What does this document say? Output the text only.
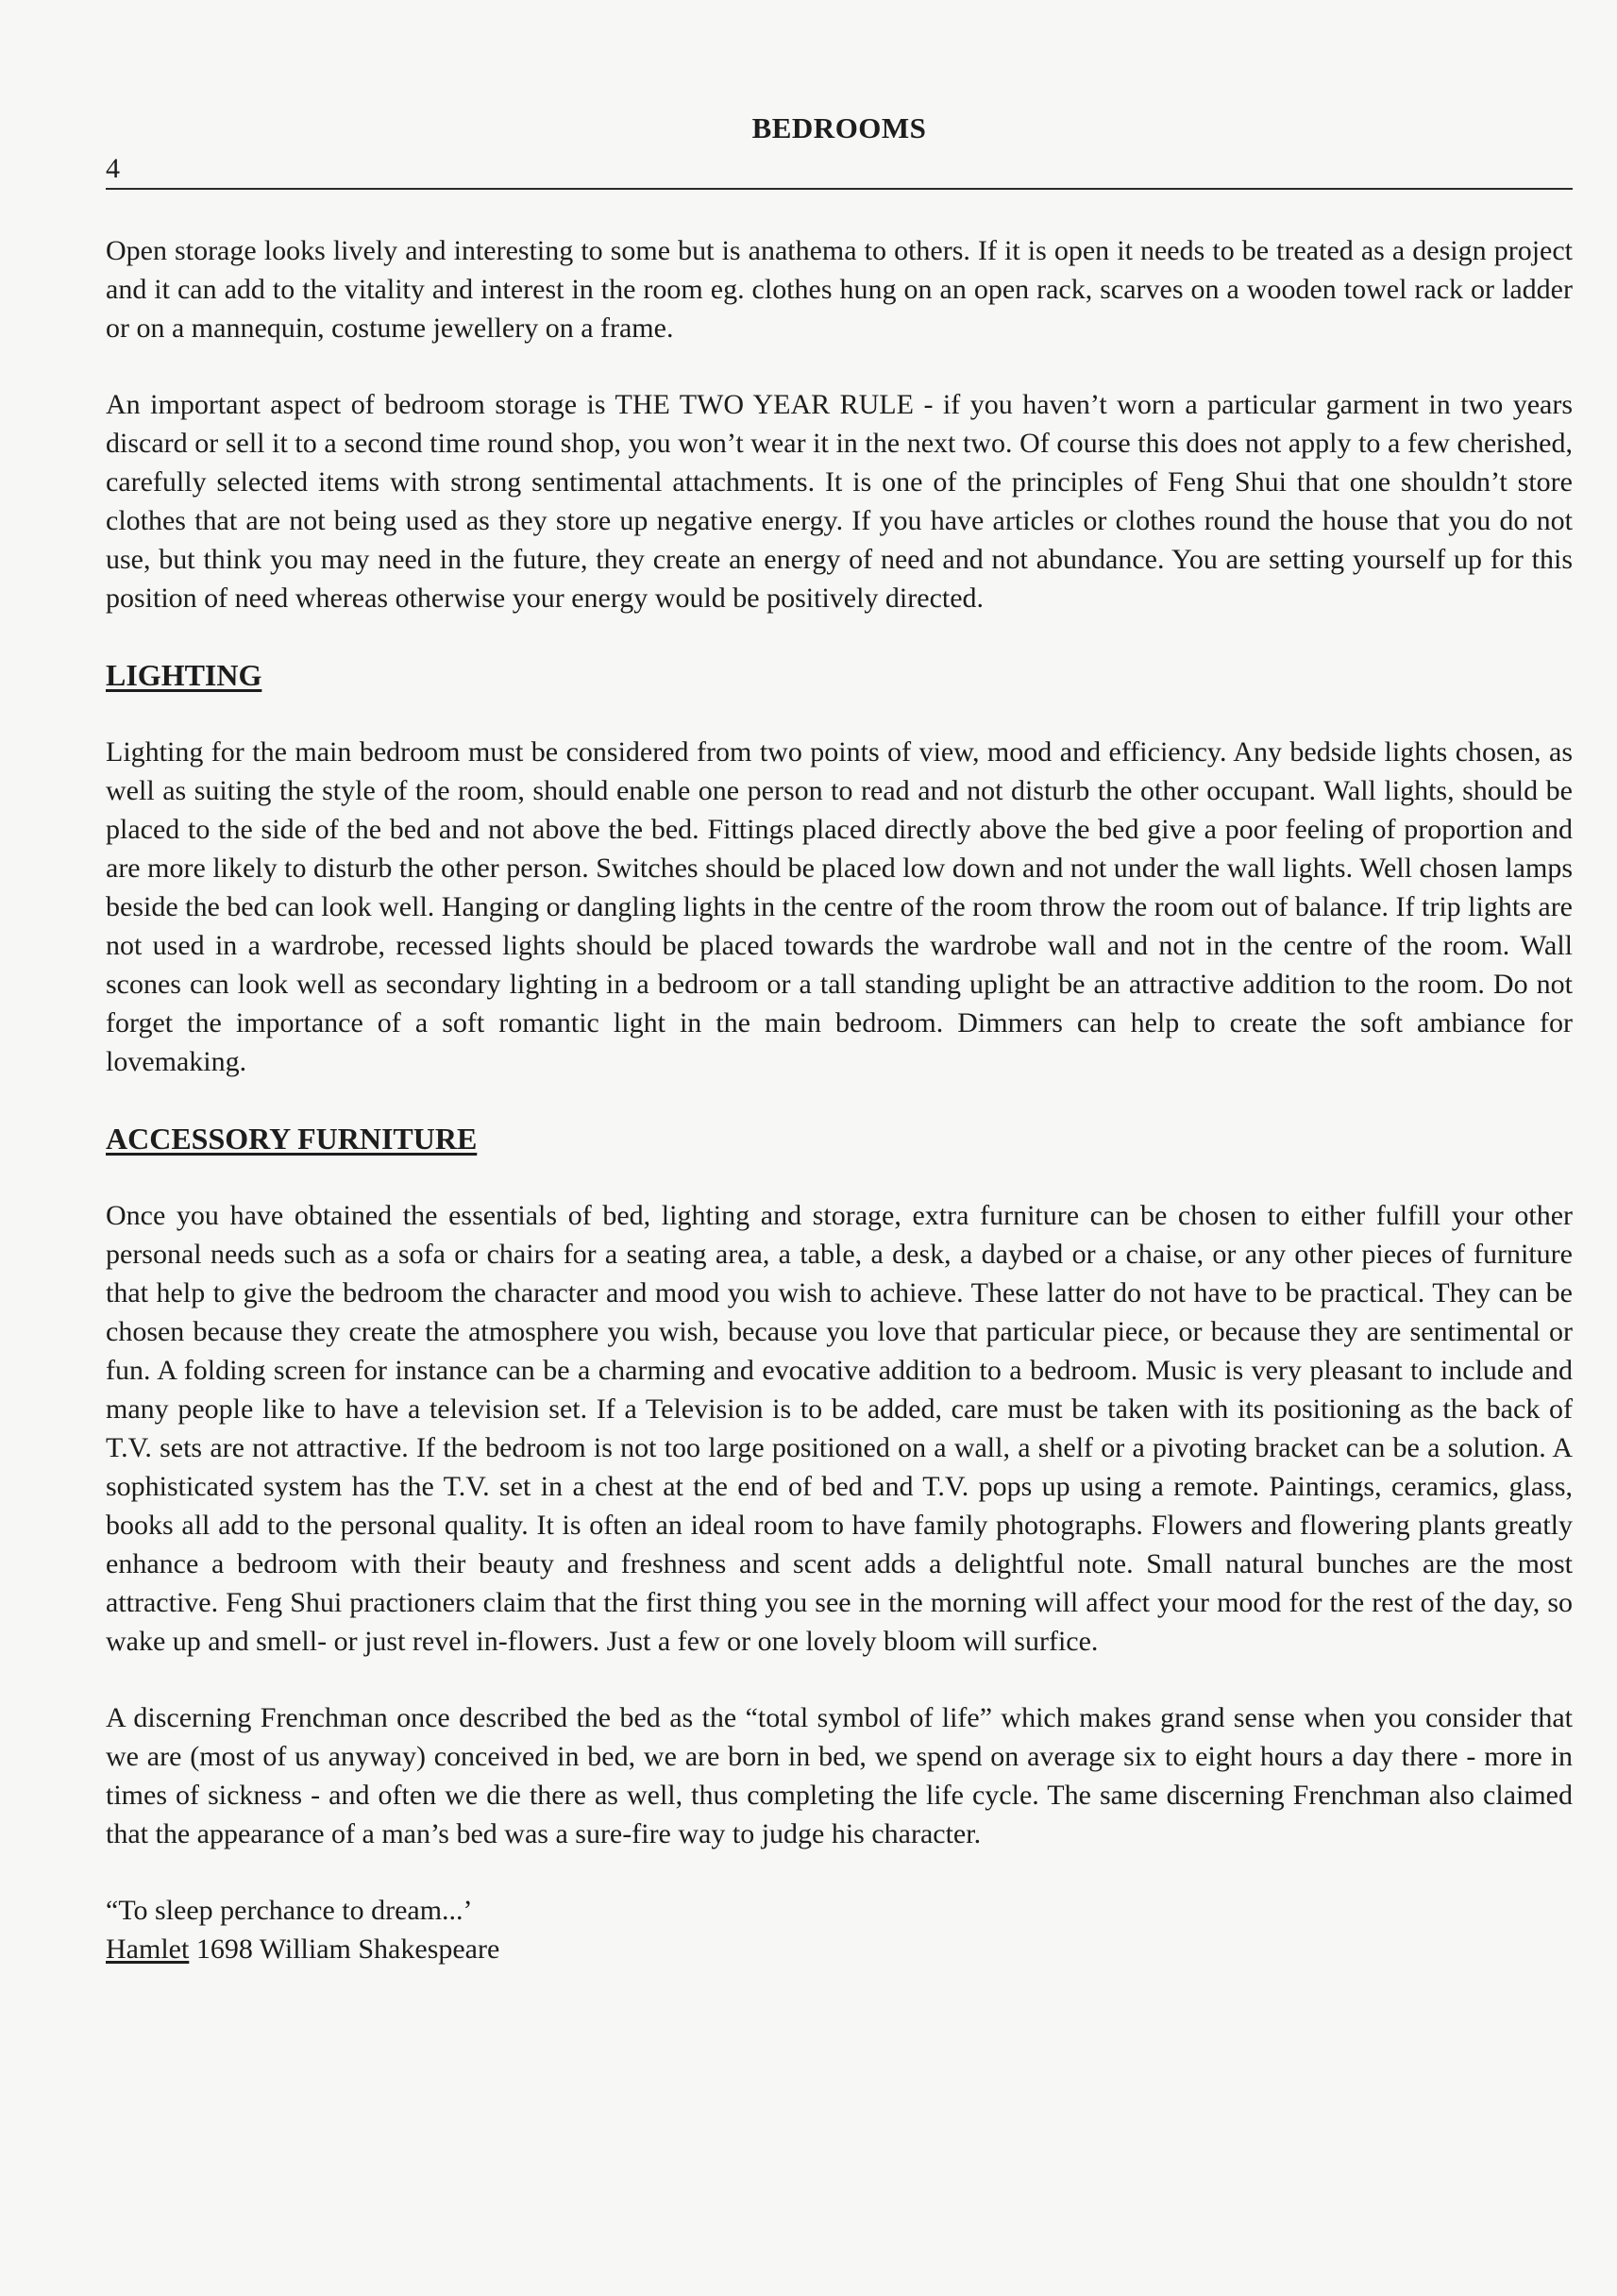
BEDROOMS
4

Open storage looks lively and interesting to some but is anathema to others. If it is open it needs to be treated as a design project and it can add to the vitality and interest in the room eg. clothes hung on an open rack, scarves on a wooden towel rack or ladder or on a mannequin, costume jewellery on a frame.

An important aspect of bedroom storage is THE TWO YEAR RULE - if you haven’t worn a particular garment in two years discard or sell it to a second time round shop, you won’t wear it in the next two. Of course this does not apply to a few cherished, carefully selected items with strong sentimental attachments. It is one of the principles of Feng Shui that one shouldn’t store clothes that are not being used as they store up negative energy. If you have articles or clothes round the house that you do not use, but think you may need in the future, they create an energy of need and not abundance. You are setting yourself up for this position of need whereas otherwise your energy would be positively directed.

LIGHTING

Lighting for the main bedroom must be considered from two points of view, mood and efficiency. Any bedside lights chosen, as well as suiting the style of the room, should enable one person to read and not disturb the other occupant. Wall lights, should be placed to the side of the bed and not above the bed. Fittings placed directly above the bed give a poor feeling of proportion and are more likely to disturb the other person. Switches should be placed low down and not under the wall lights. Well chosen lamps beside the bed can look well. Hanging or dangling lights in the centre of the room throw the room out of balance. If trip lights are not used in a wardrobe, recessed lights should be placed towards the wardrobe wall and not in the centre of the room. Wall scones can look well as secondary lighting in a bedroom or a tall standing uplight be an attractive addition to the room. Do not forget the importance of a soft romantic light in the main bedroom. Dimmers can help to create the soft ambiance for lovemaking.

ACCESSORY FURNITURE

Once you have obtained the essentials of bed, lighting and storage, extra furniture can be chosen to either fulfill your other personal needs such as a sofa or chairs for a seating area, a table, a desk, a daybed or a chaise, or any other pieces of furniture that help to give the bedroom the character and mood you wish to achieve. These latter do not have to be practical. They can be chosen because they create the atmosphere you wish, because you love that particular piece, or because they are sentimental or fun. A folding screen for instance can be a charming and evocative addition to a bedroom. Music is very pleasant to include and many people like to have a television set. If a Television is to be added, care must be taken with its positioning as the back of T.V. sets are not attractive. If the bedroom is not too large positioned on a wall, a shelf or a pivoting bracket can be a solution. A sophisticated system has the T.V. set in a chest at the end of bed and T.V. pops up using a remote. Paintings, ceramics, glass, books all add to the personal quality. It is often an ideal room to have family photographs. Flowers and flowering plants greatly enhance a bedroom with their beauty and freshness and scent adds a delightful note. Small natural bunches are the most attractive. Feng Shui practioners claim that the first thing you see in the morning will affect your mood for the rest of the day, so wake up and smell- or just revel in-flowers. Just a few or one lovely bloom will surfice.

A discerning Frenchman once described the bed as the “total symbol of life” which makes grand sense when you consider that we are (most of us anyway) conceived in bed, we are born in bed, we spend on average six to eight hours a day there - more in times of sickness - and often we die there as well, thus completing the life cycle. The same discerning Frenchman also claimed that the appearance of a man’s bed was a sure-fire way to judge his character.

“To sleep perchance to dream...’

Hamlet 1698 William Shakespeare
